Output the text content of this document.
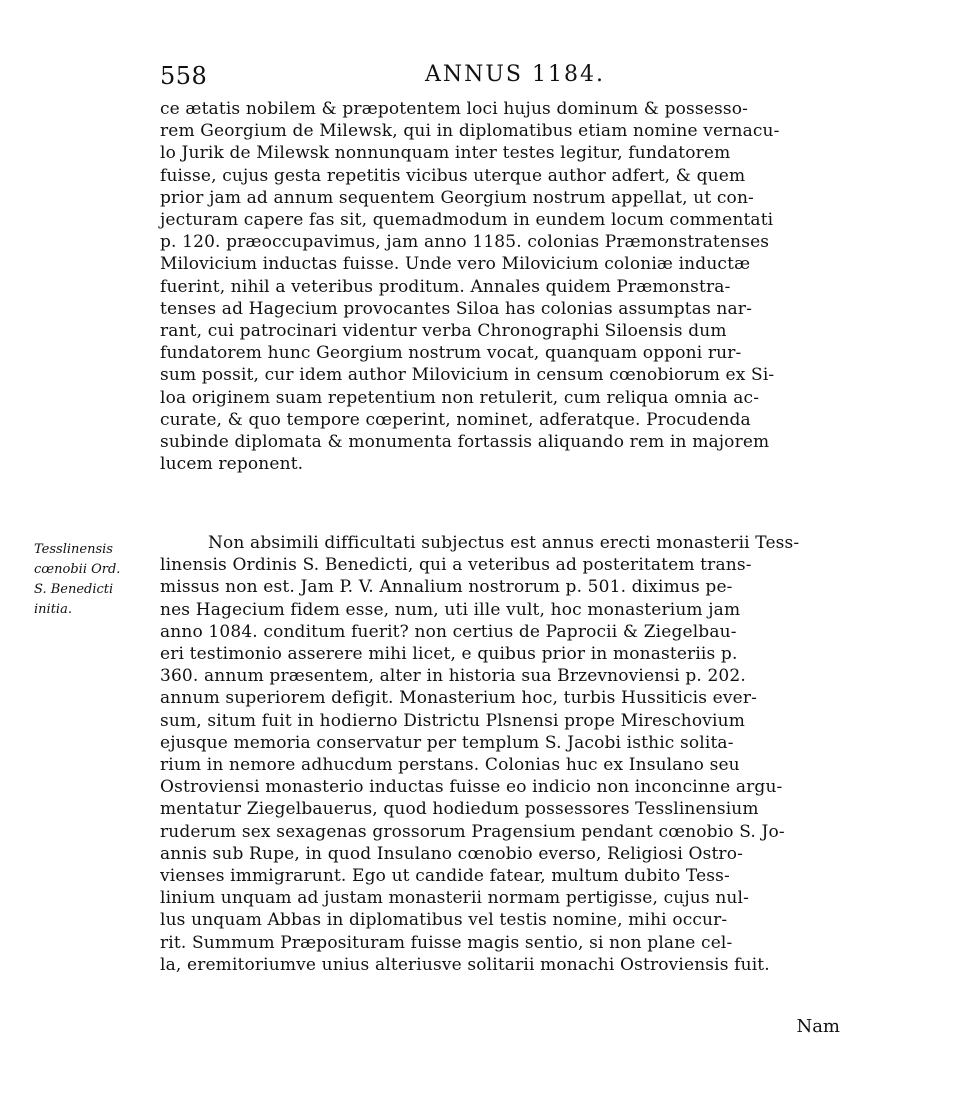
558	ANNUS 1184.
ce ætatis nobilem & præpotentem loci hujus dominum & possesso-
rem Georgium de Milewsk, qui in diplomatibus etiam nomine vernacu-
lo Jurik de Milewsk nonnunquam inter testes legitur, fundatorem
fuisse, cujus gesta repetitis vicibus uterque author adfert, & quem
prior jam ad annum sequentem Georgium nostrum appellat, ut con-
jecturam capere fas sit, quemadmodum in eundem locum commentati
p. 120. præoccupavimus, jam anno 1185. colonias Præmonstratenses
Milovicium inductas fuisse. Unde vero Milovicium coloniæ inductæ
fuerint, nihil a veteribus proditum. Annales quidem Præmonstra-
tenses ad Hagecium provocantes Siloa has colonias assumptas nar-
rant, cui patrocinari videntur verba Chronographi Siloensis dum
fundatorem hunc Georgium nostrum vocat, quanquam opponi rur-
sum possit, cur idem author Milovicium in censum cœnobiorum ex Si-
loa originem suam repetentium non retulerit, cum reliqua omnia ac-
curate, & quo tempore cœperint, nominet, adferatque. Procudenda
subinde diplomata & monumenta fortassis aliquando rem in majorem
lucem reponent.
Tesslinensis
cœnobii Ord.
S. Benedicti
initia.
Non absimili difficultati subjectus est annus erecti monasterii Tess-
linensis Ordinis S. Benedicti, qui a veteribus ad posteritatem trans-
missus non est. Jam P. V. Annalium nostrorum p. 501. diximus pe-
nes Hagecium fidem esse, num, uti ille vult, hoc monasterium jam
anno 1084. conditum fuerit? non certius de Paprocii & Ziegelbau-
eri testimonio asserere mihi licet, e quibus prior in monasteriis p.
360. annum præsentem, alter in historia sua Brzevnoviensi p. 202.
annum superiorem defigit. Monasterium hoc, turbis Hussiticis ever-
sum, situm fuit in hodierno Districtu Plsnensi prope Mireschovium
ejusque memoria conservatur per templum S. Jacobi isthic solita-
rium in nemore adhucdum perstans. Colonias huc ex Insulano seu
Ostroviensi monasterio inductas fuisse eo indicio non inconcinne argu-
mentatur Ziegelbauerus, quod hodiedum possessores Tesslinensium
ruderum sex sexagenas grossorum Pragensium pendant cœnobio S. Jo-
annis sub Rupe, in quod Insulano cœnobio everso, Religiosi Ostro-
vienses immigrarunt. Ego ut candide fatear, multum dubito Tess-
linium unquam ad justam monasterii normam pertigisse, cujus nul-
lus unquam Abbas in diplomatibus vel testis nomine, mihi occur-
rit. Summum Præposituram fuisse magis sentio, si non plane cel-
la, eremitoriumve unius alteriusve solitarii monachi Ostroviensis fuit.
Nam
